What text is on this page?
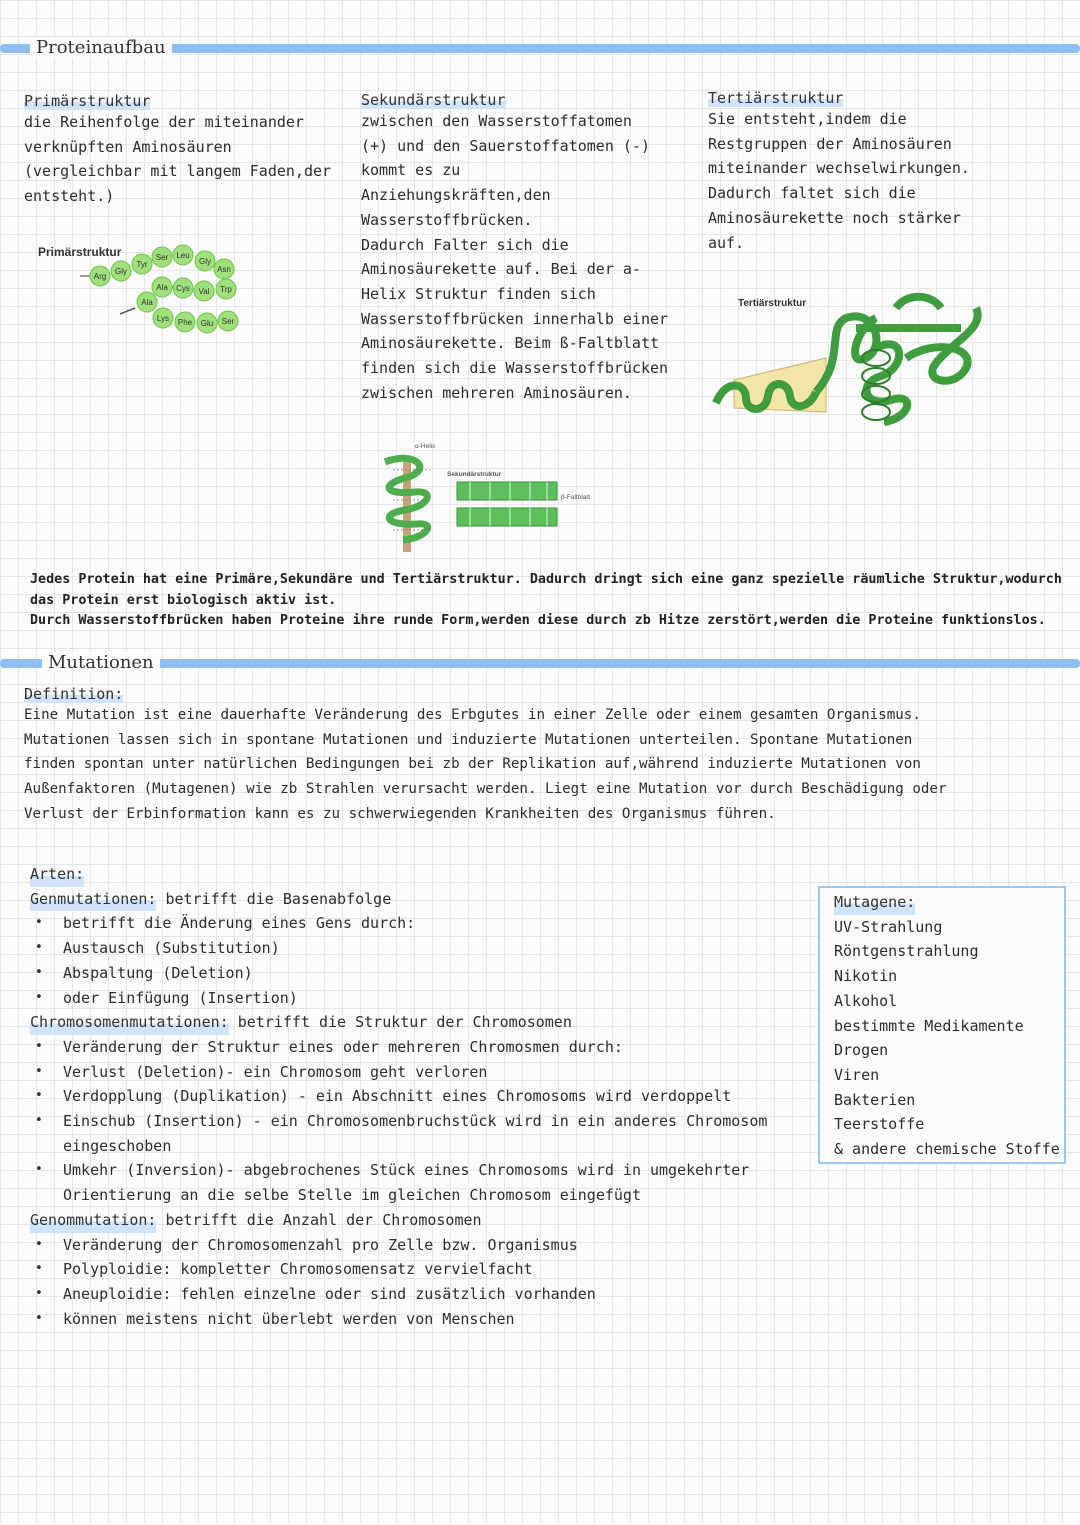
Proteinaufbau
Primärstruktur
die Reihenfolge der miteinander
verknüpften Aminosäuren
(vergleichbar mit langem Faden,der
entsteht.)
Primärstruktur
Arg
Gly
Tyr
Ser Leu
Gly
Asn
Ala Cys Val Trp
Ala
Lys Phe Glu Ser
Sekundärstruktur
zwischen den Wasserstoffatomen
(+) und den Sauerstoffatomen (-)
kommt es zu
Anziehungskräften,den
Wasserstoffbrücken.
Dadurch Falter sich die
Aminosäurekette auf. Bei der a-
Helix Struktur finden sich
Wasserstoffbrücken innerhalb einer
Aminosäurekette. Beim ß-Faltblatt
finden sich die Wasserstoffbrücken
zwischen mehreren Aminosäuren.
α-Helix
Sekundärstruktur
β-Faltblatt
Tertiärstruktur
Sie entsteht,indem die
Restgruppen der Aminosäuren
miteinander wechselwirkungen.
Dadurch faltet sich die
Aminosäurekette noch stärker
auf.
Tertiärstruktur
Jedes Protein hat eine Primäre,Sekundäre und Tertiärstruktur. Dadurch dringt sich eine ganz spezielle räumliche Struktur,wodurch
das Protein erst biologisch aktiv ist.
Durch Wasserstoffbrücken haben Proteine ihre runde Form,werden diese durch zb Hitze zerstört,werden die Proteine funktionslos.
Mutationen
Definition:
Eine Mutation ist eine dauerhafte Veränderung des Erbgutes in einer Zelle oder einem gesamten Organismus.
Mutationen lassen sich in spontane Mutationen und induzierte Mutationen unterteilen. Spontane Mutationen
finden spontan unter natürlichen Bedingungen bei zb der Replikation auf,während induzierte Mutationen von
Außenfaktoren (Mutagenen) wie zb Strahlen verursacht werden. Liegt eine Mutation vor durch Beschädigung oder
Verlust der Erbinformation kann es zu schwerwiegenden Krankheiten des Organismus führen.
Arten:
Genmutationen: betrifft die Basenabfolge
• betrifft die Änderung eines Gens durch:
• Austausch (Substitution)
• Abspaltung (Deletion)
• oder Einfügung (Insertion)
Chromosomenmutationen: betrifft die Struktur der Chromosomen
• Veränderung der Struktur eines oder mehreren Chromosmen durch:
• Verlust (Deletion)- ein Chromosom geht verloren
• Verdopplung (Duplikation) - ein Abschnitt eines Chromosoms wird verdoppelt
• Einschub (Insertion) - ein Chromosomenbruchstück wird in ein anderes Chromosom eingeschoben
• Umkehr (Inversion)- abgebrochenes Stück eines Chromosoms wird in umgekehrter Orientierung an die selbe Stelle im gleichen Chromosom eingefügt
Genommutation: betrifft die Anzahl der Chromosomen
• Veränderung der Chromosomenzahl pro Zelle bzw. Organismus
• Polyploidie: kompletter Chromosomensatz vervielfacht
• Aneuploidie: fehlen einzelne oder sind zusätzlich vorhanden
• können meistens nicht überlebt werden von Menschen
Mutagene:
UV-Strahlung
Röntgenstrahlung
Nikotin
Alkohol
bestimmte Medikamente
Drogen
Viren
Bakterien
Teerstoffe
& andere chemische Stoffe
